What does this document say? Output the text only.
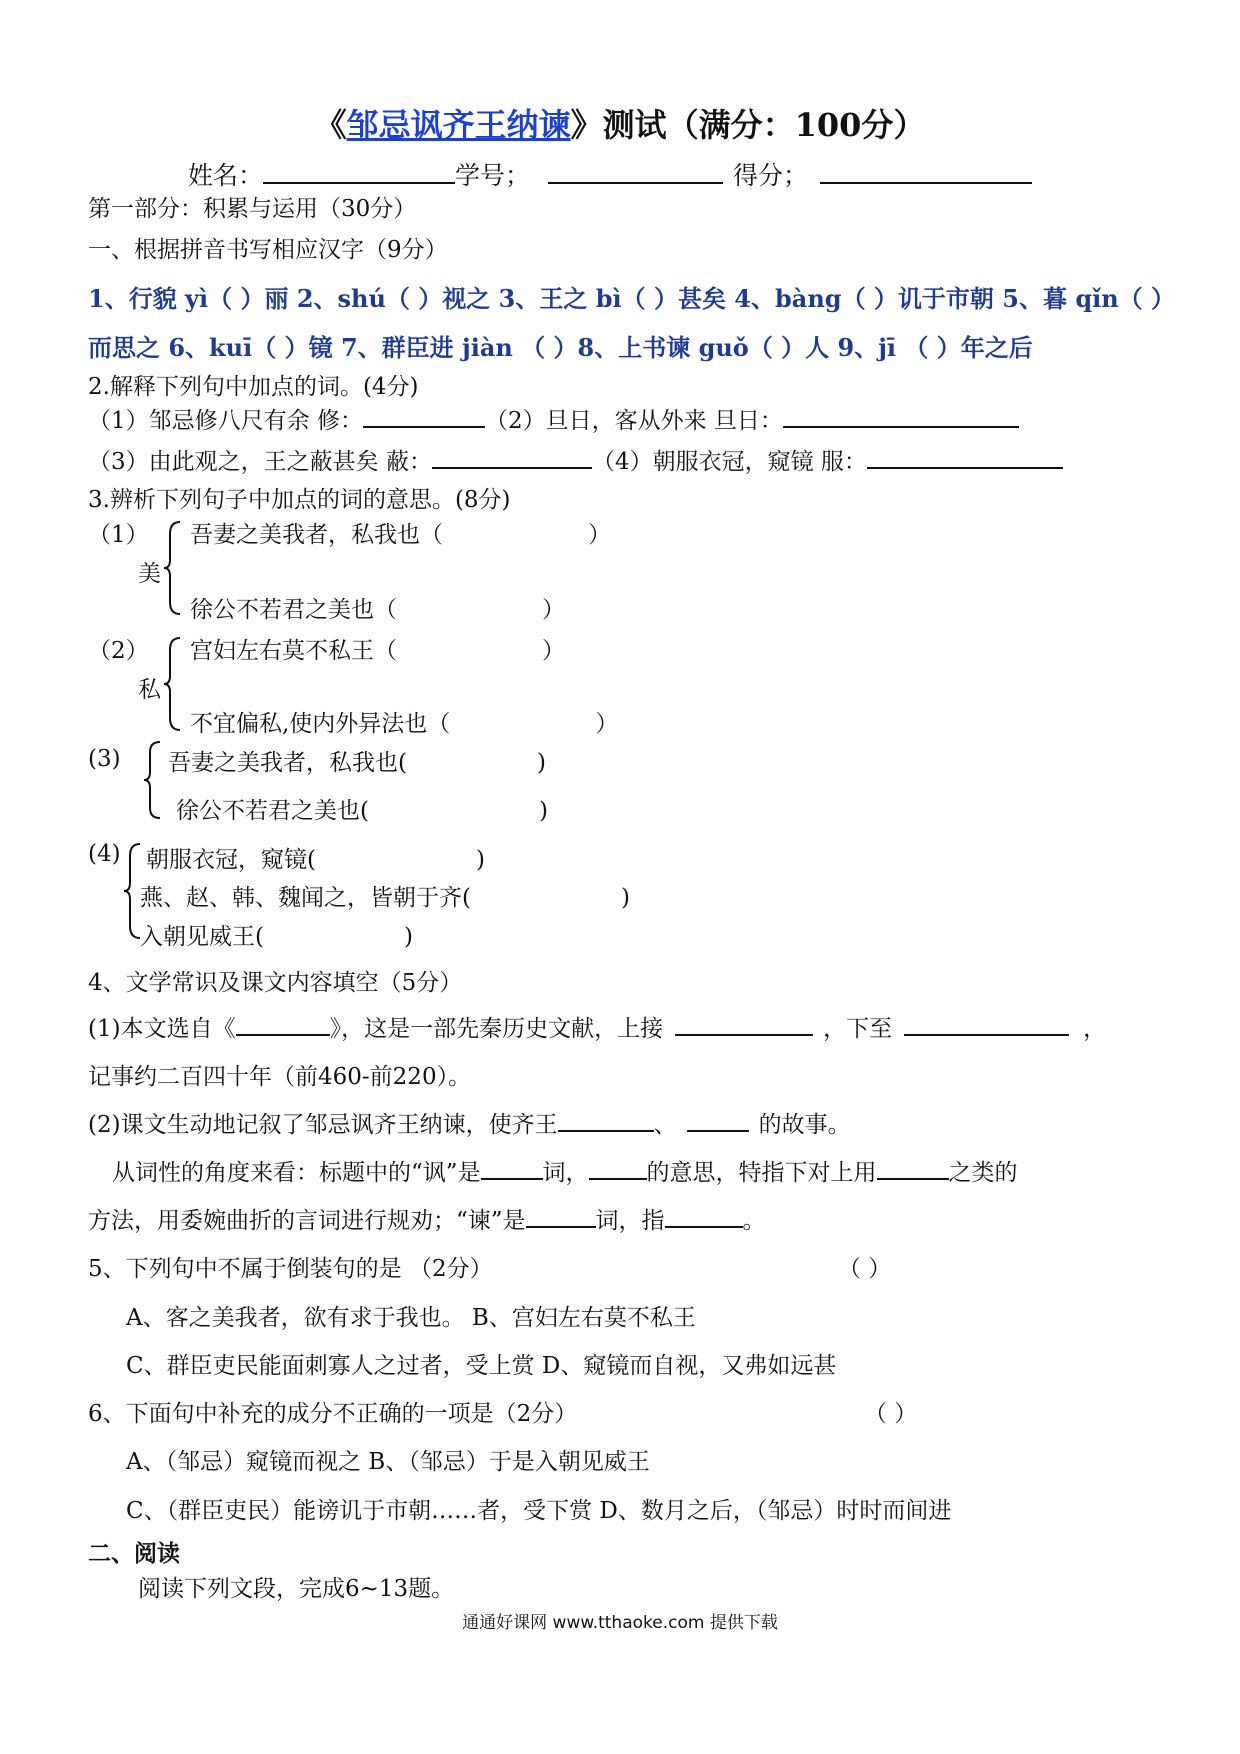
《邹忌讽齐王纳谏》测试（满分：100分）
姓名：	学号；	得分；
第一部分：积累与运用（30分）
一、根据拼音书写相应汉字（9分）
1、行貌 yì（ ）丽 2、shú（ ）视之 3、王之 bì（ ）甚矣 4、bàng（ ）讥于市朝 5、暮 qǐn（ ）
而思之 6、kuī（ ）镜 7、群臣进 jiàn （ ）8、上书谏 guǒ（ ）人 9、jī （ ）年之后
2.解释下列句中加点的词。(4分)
（1）邹忌修八尺有余 修：	（2）旦日，客从外来 旦日：
（3）由此观之，王之蔽甚矣 蔽：	（4）朝服衣冠，窥镜 服：
3.辨析下列句子中加点的词的意思。(8分)
（1）
美
吾妻之美我者，私我也（	）
徐公不若君之美也（	）
（2）
私
宫妇左右莫不私王（	）
不宜偏私,使内外异法也（	）
(3) 吾妻之美我者，私我也(	)
徐公不若君之美也(	)
(4) 朝服衣冠，窥镜(	)
燕、赵、韩、魏闻之，皆朝于齐(	)
入朝见威王(	)
4、文学常识及课文内容填空（5分）
(1)本文选自《	》，这是一部先秦历史文献，上接	，下至	，
记事约二百四十年（前460-前220）。
(2)课文生动地记叙了邹忌讽齐王纳谏，使齐王	、	的故事。
从词性的角度来看：标题中的“讽”是	词，	的意思，特指下对上用	之类的
方法，用委婉曲折的言词进行规劝；“谏”是	词，指	。
5、下列句中不属于倒装句的是 （2分）	（ ）
A、客之美我者，欲有求于我也。 B、宫妇左右莫不私王
C、群臣吏民能面刺寡人之过者，受上赏 D、窥镜而自视，又弗如远甚
6、下面句中补充的成分不正确的一项是（2分）	（ ）
A、（邹忌）窥镜而视之 B、（邹忌）于是入朝见威王
C、（群臣吏民）能谤讥于市朝……者，受下赏 D、数月之后，（邹忌）时时而间进
二、阅读
阅读下列文段，完成6~13题。
通通好课网 www.tthaoke.com 提供下载
